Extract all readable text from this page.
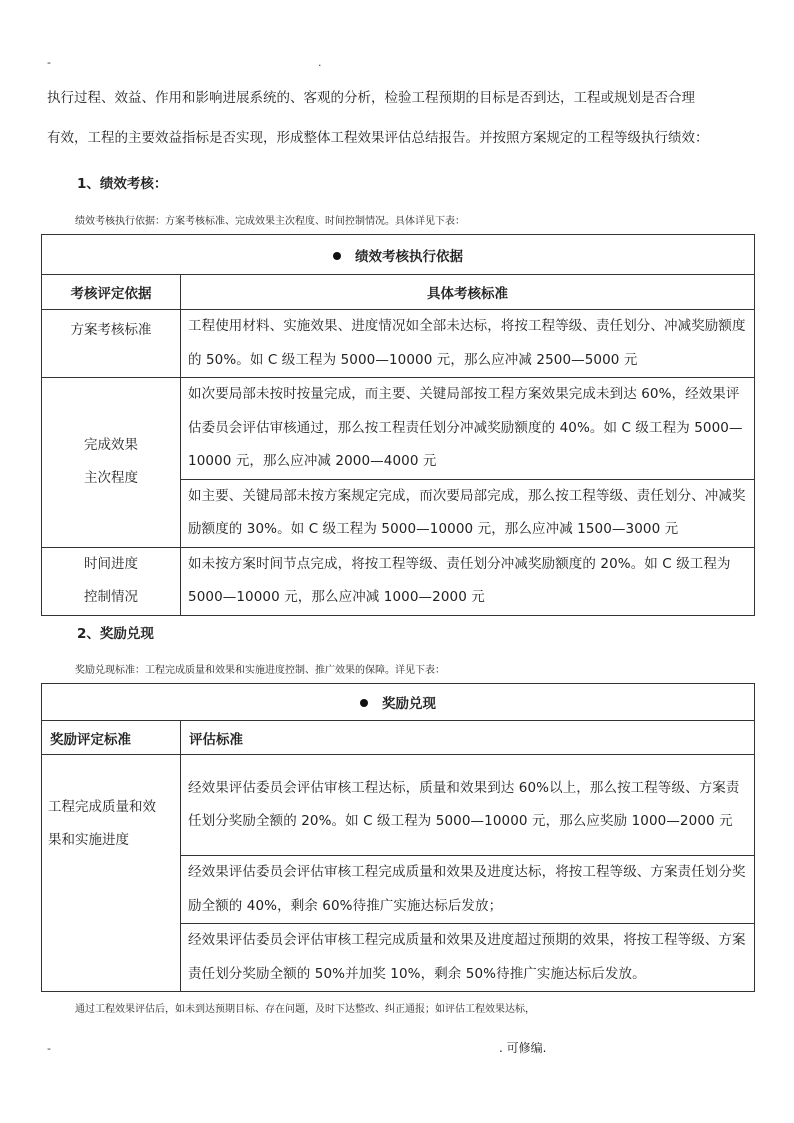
-	.
执行过程、效益、作用和影响进展系统的、客观的分析，检验工程预期的目标是否到达，工程或规划是否合理
有效，工程的主要效益指标是否实现，形成整体工程效果评估总结报告。并按照方案规定的工程等级执行绩效：
1、绩效考核：
绩效考核执行依据：方案考核标准、完成效果主次程度、时间控制情况。具体详见下表：
绩效考核执行依据	
考核评定依据	具体考核标准
方案考核标准	工程使用材料、实施效果、进度情况如全部未达标，将按工程等级、责任划分、冲减奖励额度的 50%。如 C 级工程为 5000—10000 元，那么应冲减 2500—5000 元

完成效果
主次程度	如次要局部未按时按量完成，而主要、关键局部按工程方案效果完成未到达 60%，经效果评估委员会评估审核通过，那么按工程责任划分冲减奖励额度的 40%。如 C 级工程为 5000—10000 元，那么应冲减 2000—4000 元
	如主要、关键局部未按方案规定完成，而次要局部完成，那么按工程等级、责任划分、冲减奖励额度的 30%。如 C 级工程为 5000—10000 元，那么应冲减 1500—3000 元

时间进度
控制情况	如未按方案时间节点完成，将按工程等级、责任划分冲减奖励额度的 20%。如 C 级工程为 5000—10000 元，那么应冲减 1000—2000 元
2、奖励兑现
奖励兑现标准：工程完成质量和效果和实施进度控制、推广效果的保障。详见下表：
奖励兑现	
奖励评定标准	评估标准

工程完成质量和效
果和实施进度	经效果评估委员会评估审核工程达标，质量和效果到达 60%以上，那么按工程等级、方案责任划分奖励全额的 20%。如 C 级工程为 5000—10000 元，那么应奖励 1000—2000 元
	经效果评估委员会评估审核工程完成质量和效果及进度达标，将按工程等级、方案责任划分奖励全额的 40%，剩余 60%待推广实施达标后发放；
	经效果评估委员会评估审核工程完成质量和效果及进度超过预期的效果，将按工程等级、方案责任划分奖励全额的 50%并加奖 10%，剩余 50%待推广实施达标后发放。
通过工程效果评估后，如未到达预期目标、存在问题，及时下达整改、纠正通报；如评估工程效果达标，
-	. 可修编.
